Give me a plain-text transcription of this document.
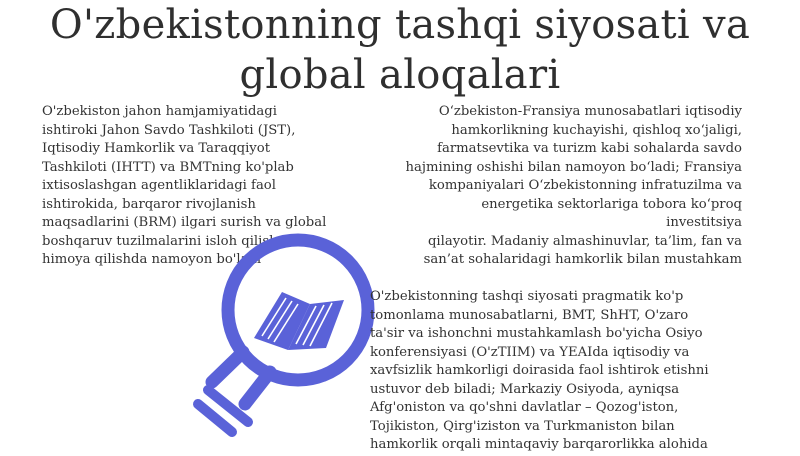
O'zbekistonning tashqi siyosati va
global aloqalari

O'zbekiston jahon hamjamiyatidagi
ishtiroki Jahon Savdo Tashkiloti (JST),
Iqtisodiy Hamkorlik va Taraqqiyot
Tashkiloti (IHTT) va BMTning ko'plab
ixtisoslashgan agentliklaridagi faol
ishtirokida, barqaror rivojlanish
maqsadlarini (BRM) ilgari surish va global
boshqaruv tuzilmalarini isloh qilishni
himoya qilishda namoyon bo'ladi

O‘zbekiston-Fransiya munosabatlari iqtisodiy
hamkorlikning kuchayishi, qishloq xo‘jaligi,
farmatsevtika va turizm kabi sohalarda savdo
hajmining oshishi bilan namoyon bo‘ladi; Fransiya
kompaniyalari O‘zbekistonning infratuzilma va
energetika sektorlariga tobora ko‘proq investitsiya
qilayotir. Madaniy almashinuvlar, ta’lim, fan va
san’at sohalaridagi hamkorlik bilan mustahkam

O'zbekistonning tashqi siyosati pragmatik ko'p
tomonlama munosabatlarni, BMT, ShHT, O'zaro
ta'sir va ishonchni mustahkamlash bo'yicha Osiyo
konferensiyasi (O'zTIIM) va YEAIda iqtisodiy va
xavfsizlik hamkorligi doirasida faol ishtirok etishni
ustuvor deb biladi; Markaziy Osiyoda, ayniqsa
Afg'oniston va qo'shni davlatlar – Qozog'iston,
Tojikiston, Qirg'iziston va Turkmaniston bilan
hamkorlik orqali mintaqaviy barqarorlikka alohida
